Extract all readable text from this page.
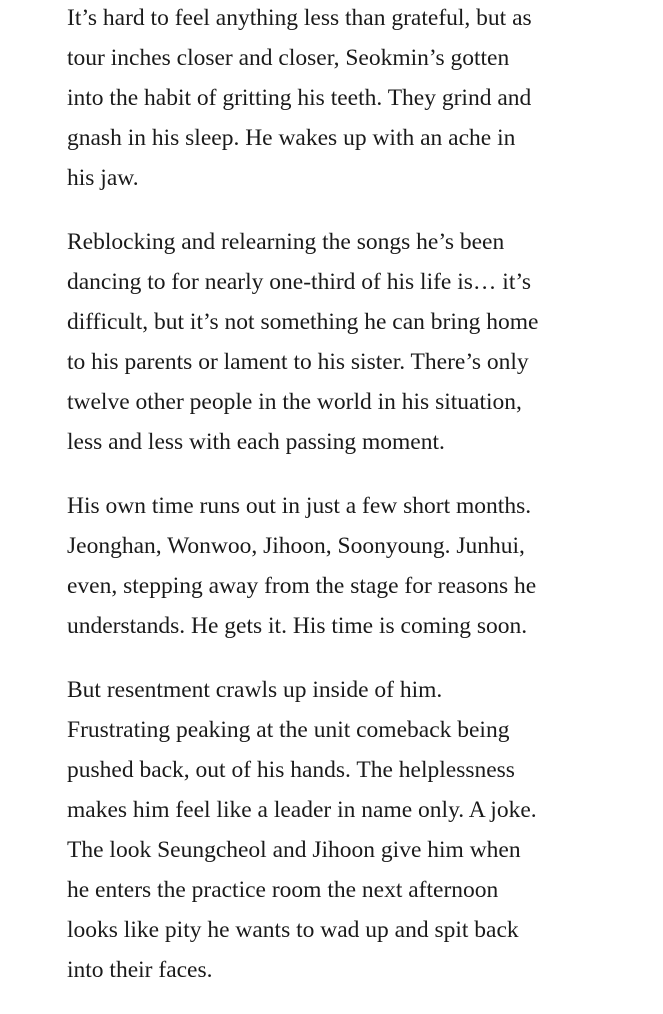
It’s hard to feel anything less than grateful, but as
tour inches closer and closer, Seokmin’s gotten
into the habit of gritting his teeth. They grind and
gnash in his sleep. He wakes up with an ache in
his jaw.

Reblocking and relearning the songs he’s been
dancing to for nearly one-third of his life is… it’s
difficult, but it’s not something he can bring home
to his parents or lament to his sister. There’s only
twelve other people in the world in his situation,
less and less with each passing moment.

His own time runs out in just a few short months.
Jeonghan, Wonwoo, Jihoon, Soonyoung. Junhui,
even, stepping away from the stage for reasons he
understands. He gets it. His time is coming soon.

But resentment crawls up inside of him.
Frustrating peaking at the unit comeback being
pushed back, out of his hands. The helplessness
makes him feel like a leader in name only. A joke.
The look Seungcheol and Jihoon give him when
he enters the practice room the next afternoon
looks like pity he wants to wad up and spit back
into their faces.
